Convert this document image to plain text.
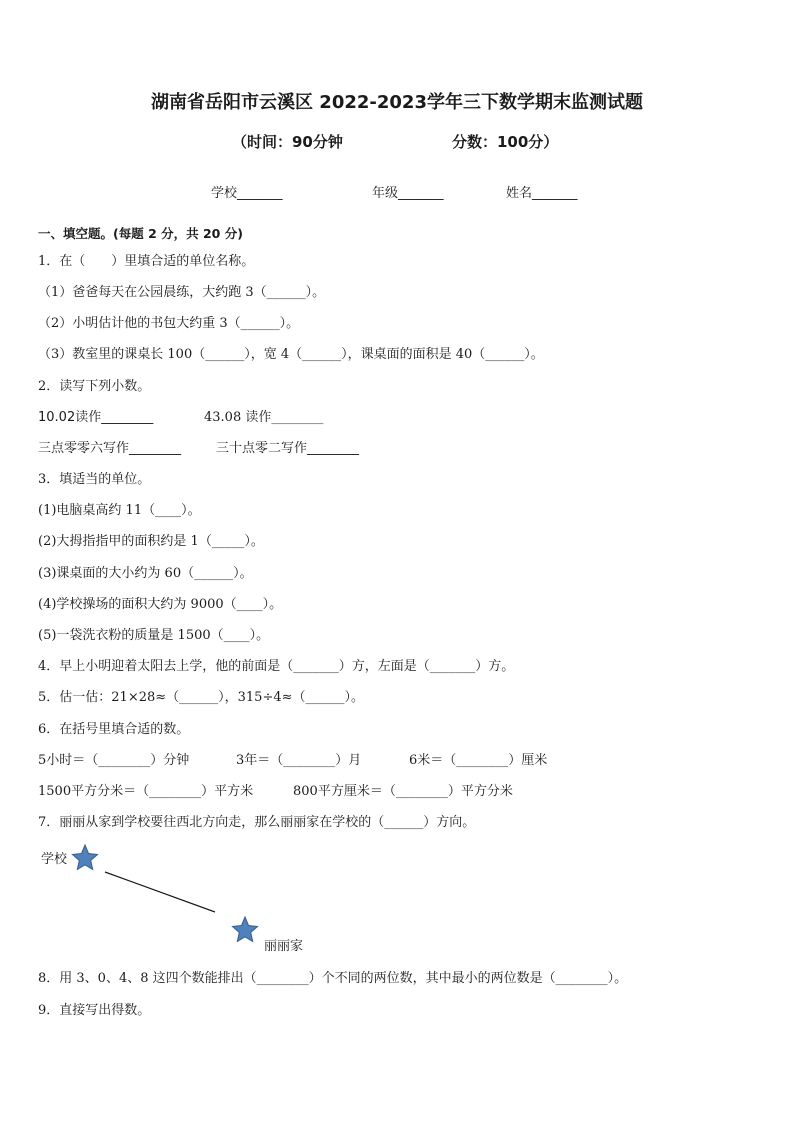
湖南省岳阳市云溪区 2022-2023学年三下数学期末监测试题
（时间：90分钟	分数：100分）
学校_______	年级_______	姓名_______
一、填空题。(每题 2 分，共 20 分)
1．在（　　）里填合适的单位名称。
（1）爸爸每天在公园晨练，大约跑 3（______）。
（2）小明估计他的书包大约重 3（______）。
（3）教室里的课桌长 100（______），宽 4（______），课桌面的面积是 40（______）。
2．读写下列小数。
10.02读作________	43.08 读作________
三点零零六写作________	三十点零二写作________
3．填适当的单位。
(1)电脑桌高约 11（____）。
(2)大拇指指甲的面积约是 1（_____）。
(3)课桌面的大小约为 60（______）。
(4)学校操场的面积大约为 9000（____）。
(5)一袋洗衣粉的质量是 1500（____）。
4．早上小明迎着太阳去上学，他的前面是（_______）方，左面是（_______）方。
5．估一估：21×28≈（______），315÷4≈（______）。
6．在括号里填合适的数。
5小时＝（________）分钟	3年＝（________）月	6米＝（________）厘米
1500平方分米＝（________）平方米	800平方厘米＝（________）平方分米
7．丽丽从家到学校要往西北方向走，那么丽丽家在学校的（______）方向。
学校
丽丽家
8．用 3、0、4、8 这四个数能排出（________）个不同的两位数，其中最小的两位数是（________）。
9．直接写出得数。
